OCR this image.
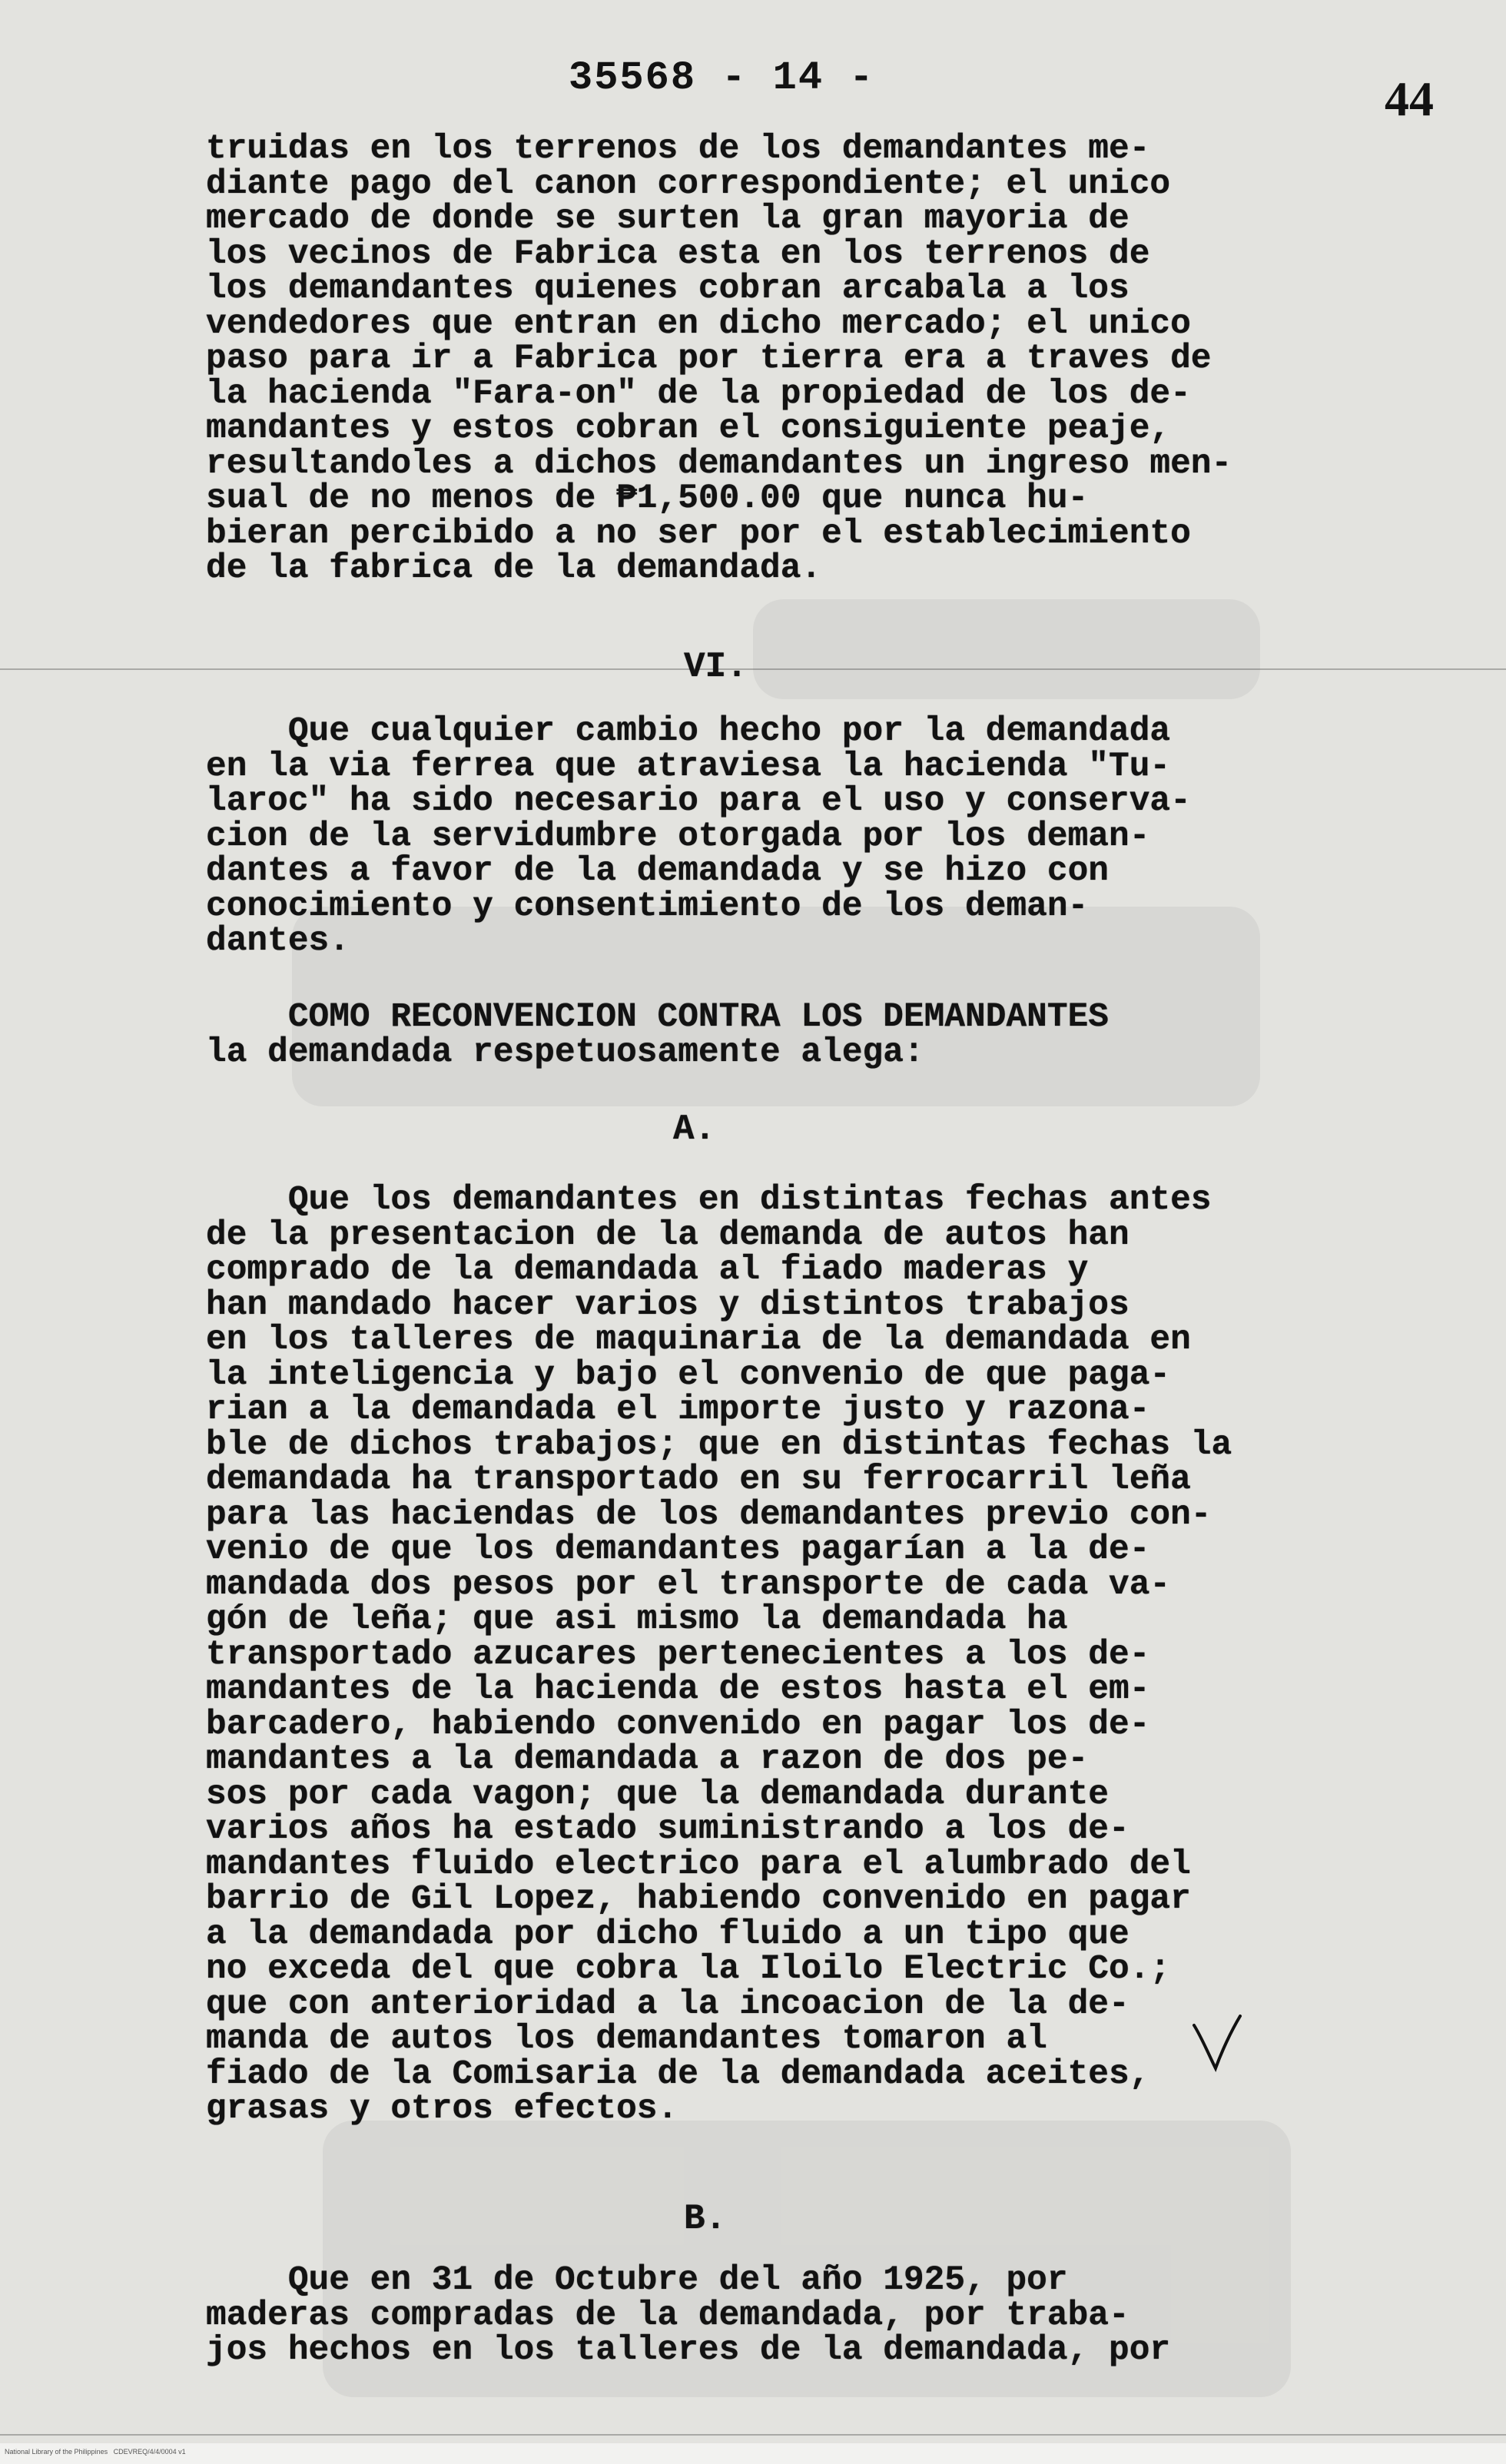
35568 - 14 -	44
truidas en los terrenos de los demandantes me-
diante pago del canon correspondiente; el unico
mercado de donde se surten la gran mayoria de
los vecinos de Fabrica esta en los terrenos de
los demandantes quienes cobran arcabala a los
vendedores que entran en dicho mercado; el unico
paso para ir a Fabrica por tierra era a traves de
la hacienda "Fara-on" de la propiedad de los de-
mandantes y estos cobran el consiguiente peaje,
resultandoles a dichos demandantes un ingreso men-
sual de no menos de ₱1,500.00 que nunca hu-
bieran percibido a no ser por el establecimiento
de la fabrica de la demandada.
VI.
Que cualquier cambio hecho por la demandada
en la via ferrea que atraviesa la hacienda "Tu-
laroc" ha sido necesario para el uso y conserva-
cion de la servidumbre otorgada por los deman-
dantes a favor de la demandada y se hizo con
conocimiento y consentimiento de los deman-
dantes.
COMO RECONVENCION CONTRA LOS DEMANDANTES
la demandada respetuosamente alega:
A.
Que los demandantes en distintas fechas antes
de la presentacion de la demanda de autos han
comprado de la demandada al fiado maderas y
han mandado hacer varios y distintos trabajos
en los talleres de maquinaria de la demandada en
la inteligencia y bajo el convenio de que paga-
rian a la demandada el importe justo y razona-
ble de dichos trabajos; que en distintas fechas la
demandada ha transportado en su ferrocarril leña
para las haciendas de los demandantes previo con-
venio de que los demandantes pagarían a la de-
mandada dos pesos por el transporte de cada va-
gón de leña; que asi mismo la demandada ha
transportado azucares pertenecientes a los de-
mandantes de la hacienda de estos hasta el em-
barcadero, habiendo convenido en pagar los de-
mandantes a la demandada a razon de dos pe-
sos por cada vagon; que la demandada durante
varios años ha estado suministrando a los de-
mandantes fluido electrico para el alumbrado del
barrio de Gil Lopez, habiendo convenido en pagar
a la demandada por dicho fluido a un tipo que
no exceda del que cobra la Iloilo Electric Co.;
que con anterioridad a la incoacion de la de-
manda de autos los demandantes tomaron al
fiado de la Comisaria de la demandada aceites,
grasas y otros efectos.
B.
Que en 31 de Octubre del año 1925, por
maderas compradas de la demandada, por traba-
jos hechos en los talleres de la demandada, por
National Library of the Philippines   CDEVREQ/4/4/0004 v1
